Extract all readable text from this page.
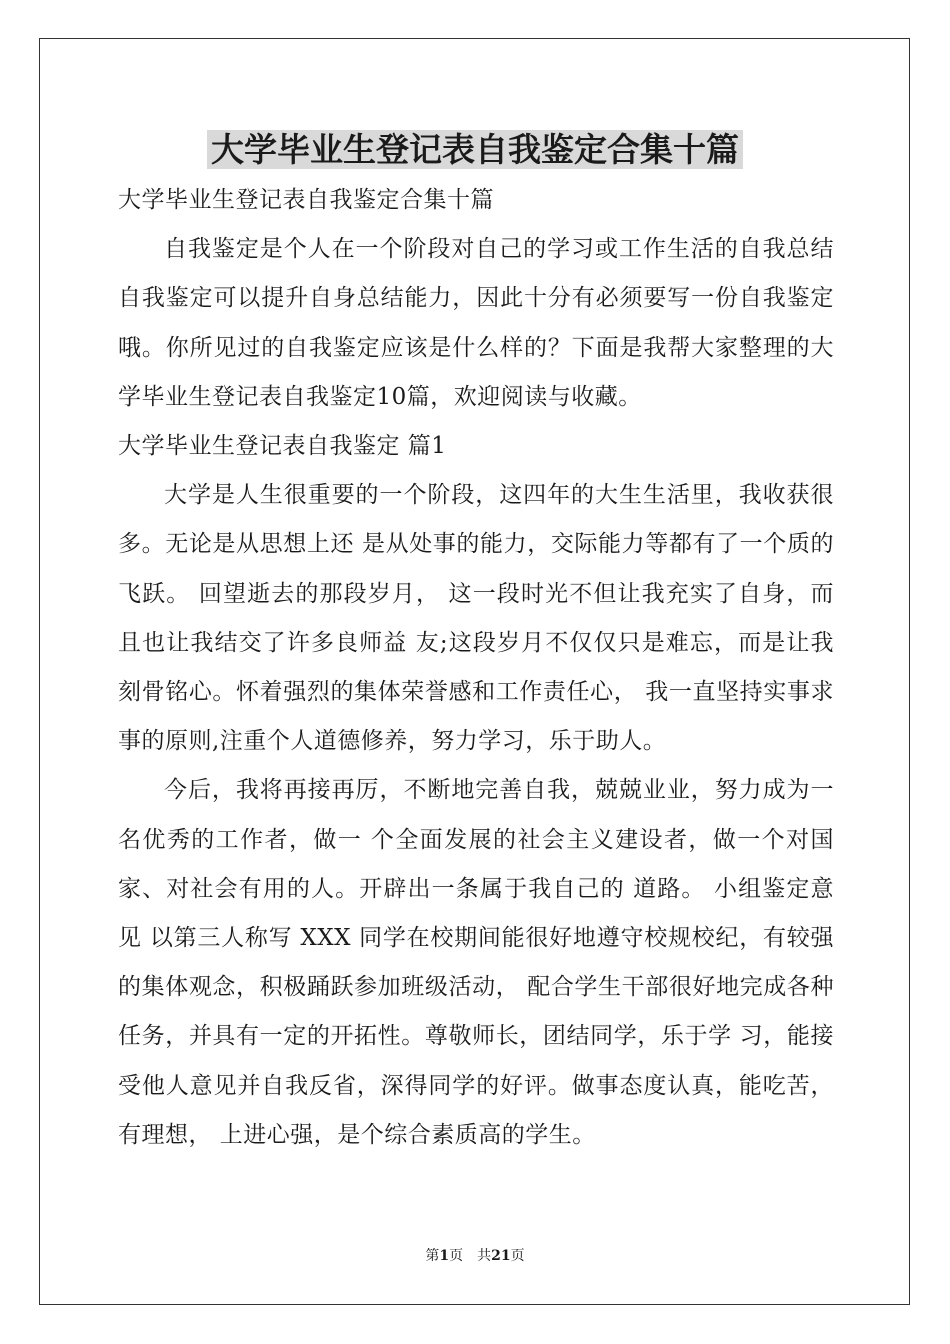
大学毕业生登记表自我鉴定合集十篇

大学毕业生登记表自我鉴定合集十篇

自我鉴定是个人在一个阶段对自己的学习或工作生活的自我总结自我鉴定可以提升自身总结能力，因此十分有必须要写一份自我鉴定哦。你所见过的自我鉴定应该是什么样的？下面是我帮大家整理的大学毕业生登记表自我鉴定10篇，欢迎阅读与收藏。

大学毕业生登记表自我鉴定 篇1

大学是人生很重要的一个阶段，这四年的大生生活里，我收获很多。无论是从思想上还 是从处事的能力，交际能力等都有了一个质的飞跃。 回望逝去的那段岁月， 这一段时光不但让我充实了自身，而且也让我结交了许多良师益 友;这段岁月不仅仅只是难忘，而是让我刻骨铭心。怀着强烈的集体荣誉感和工作责任心， 我一直坚持实事求事的原则,注重个人道德修养，努力学习，乐于助人。

今后，我将再接再厉，不断地完善自我，兢兢业业，努力成为一名优秀的工作者，做一 个全面发展的社会主义建设者，做一个对国家、对社会有用的人。开辟出一条属于我自己的 道路。 小组鉴定意见 以第三人称写 XXX 同学在校期间能很好地遵守校规校纪，有较强的集体观念，积极踊跃参加班级活动， 配合学生干部很好地完成各种任务，并具有一定的开拓性。尊敬师长，团结同学，乐于学 习，能接受他人意见并自我反省，深得同学的好评。做事态度认真，能吃苦，有理想， 上进心强，是个综合素质高的学生。

第1页　共21页
